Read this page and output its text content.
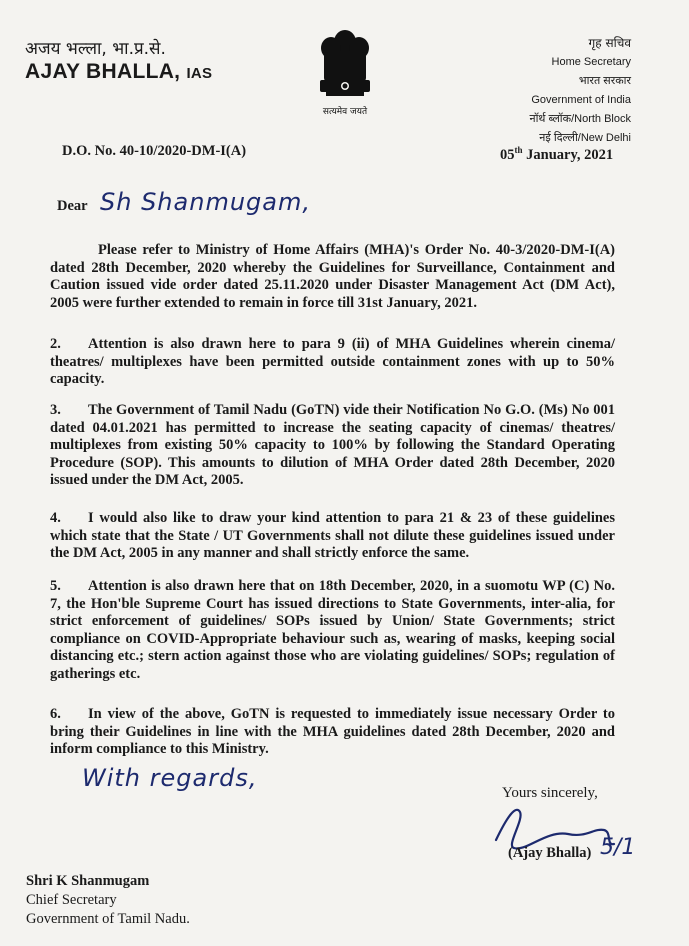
अजय भल्ला, भा.प्र.से.
AJAY BHALLA, IAS
सत्यमेव जयते
गृह सचिव
Home Secretary
भारत सरकार
Government of India
नॉर्थ ब्लॉक/North Block
नई दिल्ली/New Delhi
D.O. No. 40-10/2020-DM-I(A)	05th January, 2021
Dear Sh Shanmugam,
Please refer to Ministry of Home Affairs (MHA)'s Order No. 40-3/2020-DM-I(A) dated 28th December, 2020 whereby the Guidelines for Surveillance, Containment and Caution issued vide order dated 25.11.2020 under Disaster Management Act (DM Act), 2005 were further extended to remain in force till 31st January, 2021.
2. Attention is also drawn here to para 9 (ii) of MHA Guidelines wherein cinema/ theatres/ multiplexes have been permitted outside containment zones with up to 50% capacity.
3. The Government of Tamil Nadu (GoTN) vide their Notification No G.O. (Ms) No 001 dated 04.01.2021 has permitted to increase the seating capacity of cinemas/ theatres/ multiplexes from existing 50% capacity to 100% by following the Standard Operating Procedure (SOP). This amounts to dilution of MHA Order dated 28th December, 2020 issued under the DM Act, 2005.
4. I would also like to draw your kind attention to para 21 & 23 of these guidelines which state that the State / UT Governments shall not dilute these guidelines issued under the DM Act, 2005 in any manner and shall strictly enforce the same.
5. Attention is also drawn here that on 18th December, 2020, in a suomotu WP (C) No. 7, the Hon'ble Supreme Court has issued directions to State Governments, inter-alia, for strict enforcement of guidelines/ SOPs issued by Union/ State Governments; strict compliance on COVID-Appropriate behaviour such as, wearing of masks, keeping social distancing etc.; stern action against those who are violating guidelines/ SOPs; regulation of gatherings etc.
6. In view of the above, GoTN is requested to immediately issue necessary Order to bring their Guidelines in line with the MHA guidelines dated 28th December, 2020 and inform compliance to this Ministry.
With regards,
Yours sincerely,
(Ajay Bhalla) 5/1
Shri K Shanmugam
Chief Secretary
Government of Tamil Nadu.
